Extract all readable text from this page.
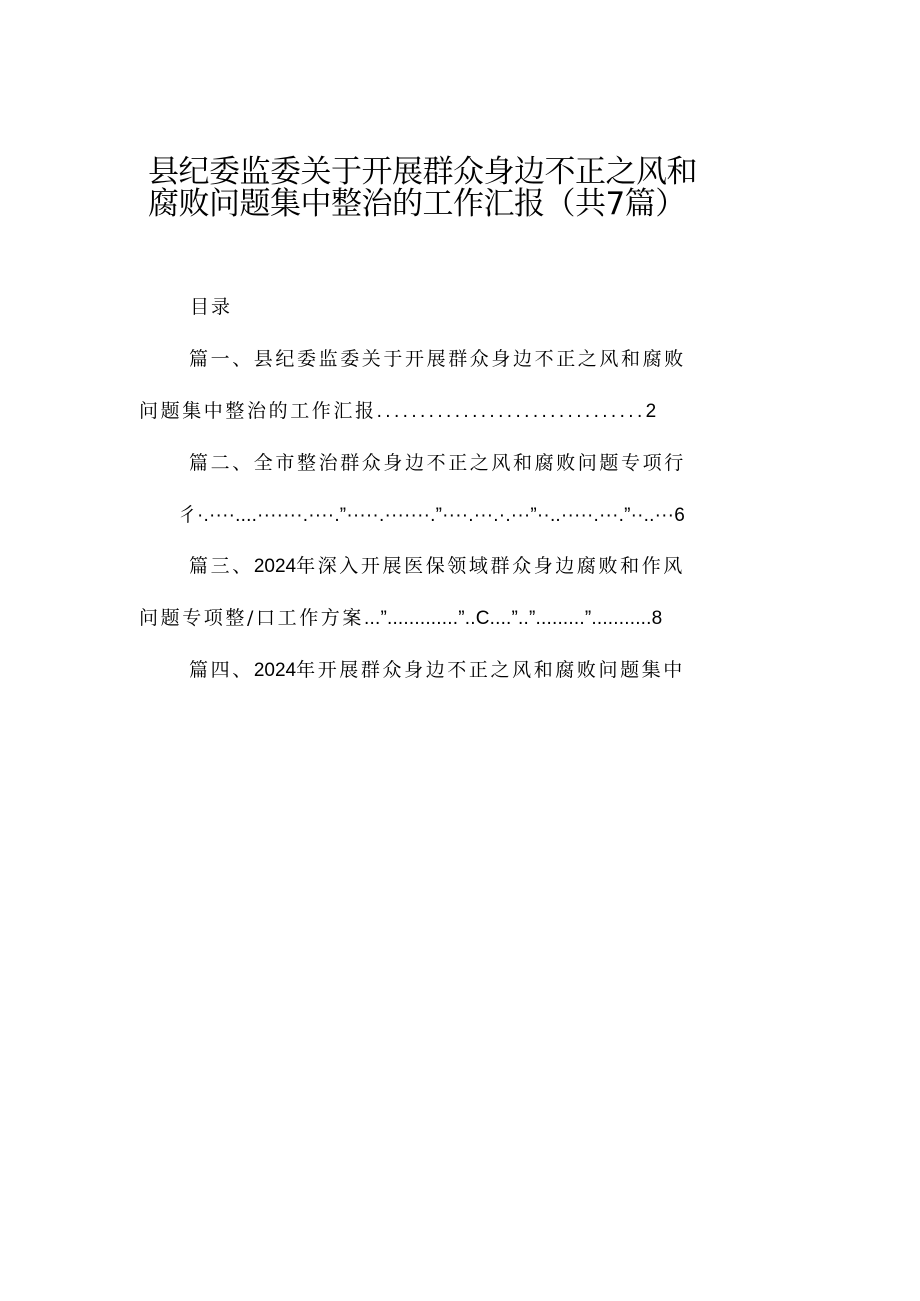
县纪委监委关于开展群众身边不正之风和
腐败问题集中整治的工作汇报（共7篇）
目录
篇一、县纪委监委关于开展群众身边不正之风和腐败
问题集中整治的工作汇报...............................2
篇二、全市整治群众身边不正之风和腐败问题专项行
彳·.····....·······.····.”·····.·······.”····.···.·.···”··..·····.···.”··..···6
篇三、2024年深入开展医保领域群众身边腐败和作风
问题专项整/口工作方案...”.............”..C....”..”.........”...........8
篇四、2024年开展群众身边不正之风和腐败问题集中
